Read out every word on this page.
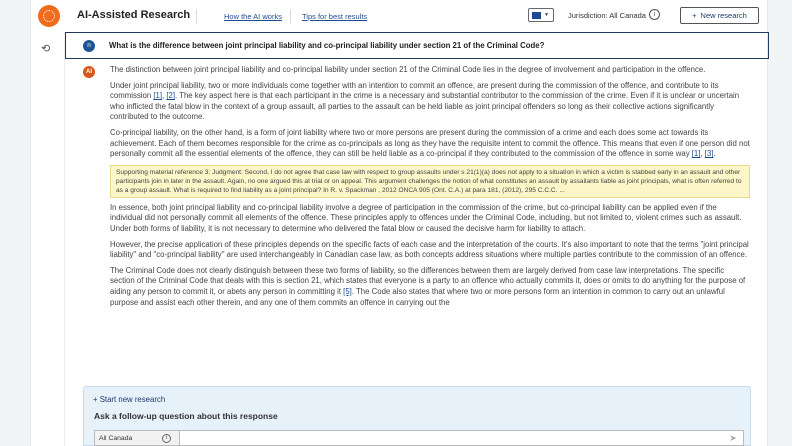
AI-Assisted Research	How the AI works	Tips for best results	▼	Jurisdiction: All Canada	i	+ New research
⟲	n	What is the difference between joint principal liability and co-principal liability under section 21 of the Criminal Code?
AI	The distinction between joint principal liability and co-principal liability under section 21 of the Criminal Code lies in the degree of involvement and participation in the offence.

Under joint principal liability, two or more individuals come together with an intention to commit an offence, are present during the commission of the offence, and contribute to its commission [1], [2]. The key aspect here is that each participant in the crime is a necessary and substantial contributor to the commission of the crime. Even if it is unclear or uncertain who inflicted the fatal blow in the context of a group assault, all parties to the assault can be held liable as joint principal offenders so long as their collective actions significantly contributed to the outcome.

Co-principal liability, on the other hand, is a form of joint liability where two or more persons are present during the commission of a crime and each does some act towards its achievement. Each of them becomes responsible for the crime as co-principals as long as they have the requisite intent to commit the offence. This means that even if one person did not personally commit all the essential elements of the offence, they can still be held liable as a co-principal if they contributed to the commission of the offence in some way [1], [3].

Supporting material reference 3: Judgment: Second, I do not agree that case law with respect to group assaults under s 21(1)(a) does not apply to a situation in which a victim is stabbed early in an assault and other participants join in later in the assault. Again, no one argued this at trial or on appeal. This argument challenges the notion of what constitutes an assault by assailants liable as joint principals, what is often referred to as a group assault. What is required to find liability as a joint principal? In R. v. Spackman , 2012 ONCA 905 (Ont. C.A.) at para 181, (2012), 295 C.C.C. ...

In essence, both joint principal liability and co-principal liability involve a degree of participation in the commission of the crime, but co-principal liability can be applied even if the individual did not personally commit all elements of the offence. These principles apply to offences under the Criminal Code, including, but not limited to, violent crimes such as assault. Under both forms of liability, it is not necessary to determine who delivered the fatal blow or caused the decisive harm for liability to attach.

However, the precise application of these principles depends on the specific facts of each case and the interpretation of the courts. It's also important to note that the terms "joint principal liability" and "co-principal liability" are used interchangeably in Canadian case law, as both concepts address situations where multiple parties contribute to the commission of an offence.

The Criminal Code does not clearly distinguish between these two forms of liability, so the differences between them are largely derived from case law interpretations. The specific section of the Criminal Code that deals with this is section 21, which states that everyone is a party to an offence who actually commits it, does or omits to do anything for the purpose of aiding any person to commit it, or abets any person in committing it [5]. The Code also states that where two or more persons form an intention in common to carry out an unlawful purpose and assist each other therein, and any one of them commits an offence in carrying out the

+ Start new research
Ask a follow-up question about this response
All Canada	i	➤
